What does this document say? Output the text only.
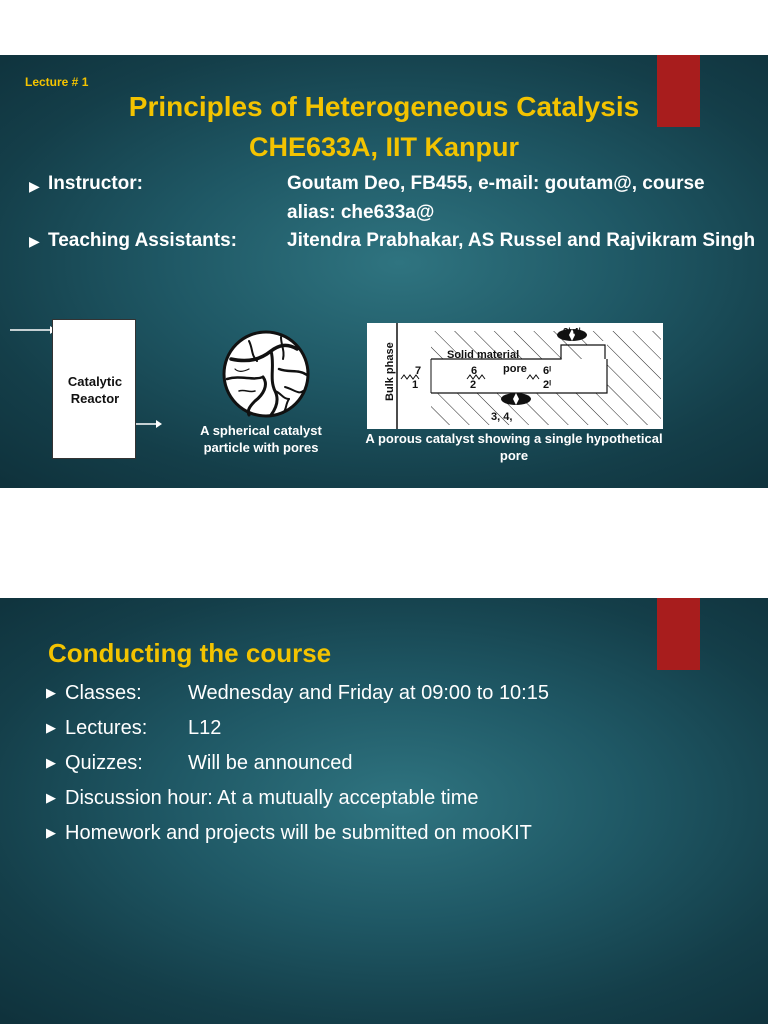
Lecture # 1
Principles of Heterogeneous Catalysis
CHE633A, IIT Kanpur
▶ Instructor:	Goutam Deo, FB455, e-mail: goutam@, course alias: che633a@
▶ Teaching Assistants:	Jitendra Prabhakar, AS Russel and Rajvikram Singh
Catalytic Reactor
A spherical catalyst particle with pores
Bulk phase	Solid material
pore
7	6	6ᴵ
1	2	2ᴵ
3, 4,
3ᴵ 4ᴵ
A porous catalyst showing a single hypothetical pore
Conducting the course
▶ Classes: Wednesday and Friday at 09:00 to 10:15
▶ Lectures: L12
▶ Quizzes: Will be announced
▶ Discussion hour: At a mutually acceptable time
▶ Homework and projects will be submitted on mooKIT
